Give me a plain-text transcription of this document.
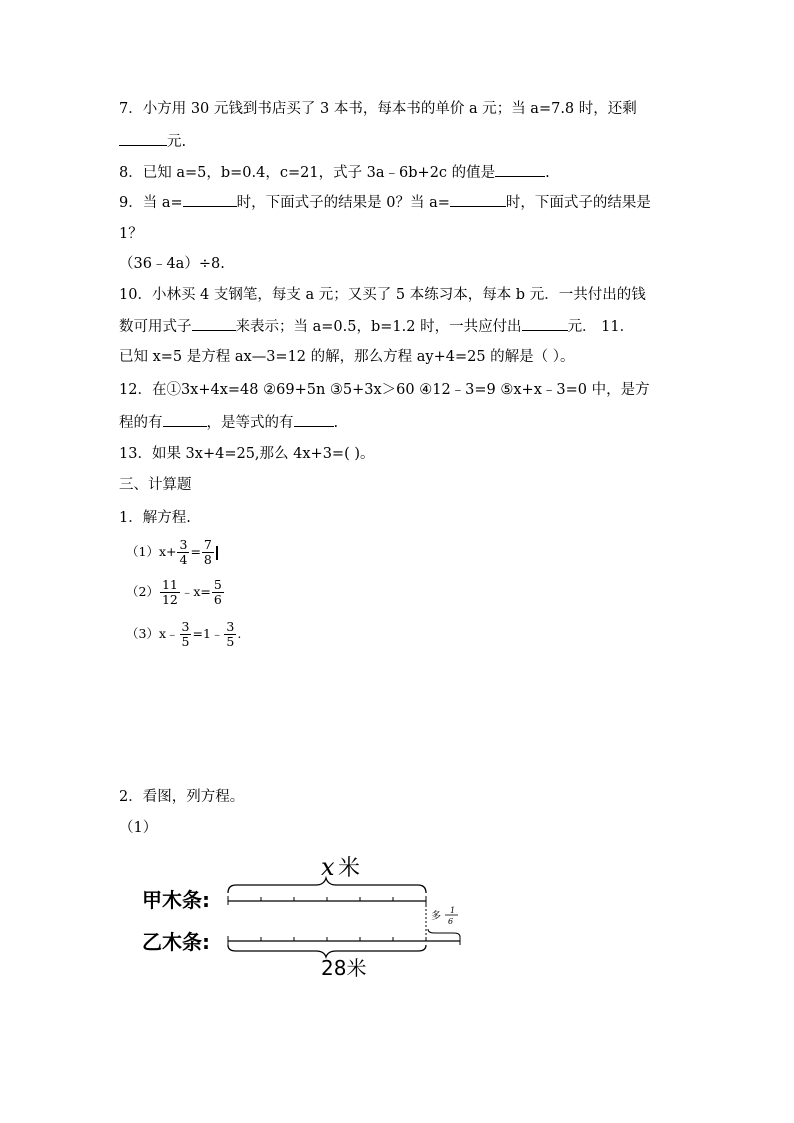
7．小方用 30 元钱到书店买了 3 本书，每本书的单价 a 元；当 a=7.8 时，还剩
元.
8．已知 a=5，b=0.4，c=21，式子 3a﹣6b+2c 的值是	.
9．当 a=	时，下面式子的结果是 0？当 a=	时，下面式子的结果是
1？
（36﹣4a）÷8.
10．小林买 4 支钢笔，每支 a 元；又买了 5 本练习本，每本 b 元．一共付出的钱
数可用式子	来表示；当 a=0.5，b=1.2 时，一共应付出	元． 11．
已知 x=5 是方程 ax—3=12 的解，那么方程 ay+4=25 的解是（ ）。
12．在①3x+4x=48 ②69+5n ③5+3x＞60 ④12﹣3=9 ⑤x+x﹣3=0 中，是方
程的有	，是等式的有	.
13．如果 3x+4=25,那么 4x+3=( )。
三、计算题
1．解方程.
$(1)x+ \frac{3}{4} = \frac{7}{8}$
$(2) \frac{11}{12}$ ﹣x= $\frac{5}{6}$
（3）x﹣ $\frac{3}{5}$ =1﹣ $\frac{3}{5}$ .
2．看图，列方程。
（1）
x 米
甲木条:
乙木条:
多
1
6
28米
